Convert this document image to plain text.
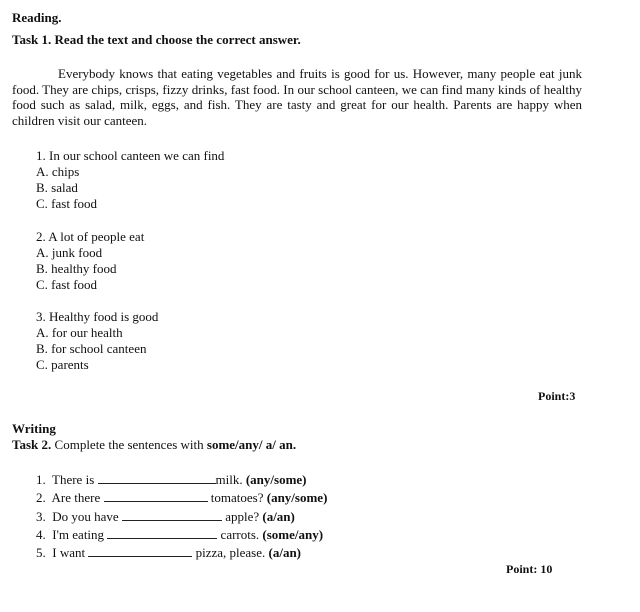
Reading.
Task 1. Read the text and choose the correct answer.
Everybody knows that eating vegetables and fruits is good for us. However, many people eat junk food. They are chips, crisps, fizzy drinks, fast food. In our school canteen, we can find many kinds of healthy food such as salad, milk, eggs, and fish. They are tasty and great for our health. Parents are happy when children visit our canteen.
1. In our school canteen we can find
A. chips
B. salad
C. fast food
2. A lot of people eat
A. junk food
B. healthy food
C. fast food
3. Healthy food is good
A. for our health
B. for school canteen
C. parents
Point:3
Writing
Task 2. Complete the sentences with some/any/ a/ an.
1. There is	milk. (any/some)
2. Are there	tomatoes? (any/some)
3. Do you have	apple? (a/an)
4. I'm eating	carrots. (some/any)
5. I want	pizza, please. (a/an)
Point: 10
